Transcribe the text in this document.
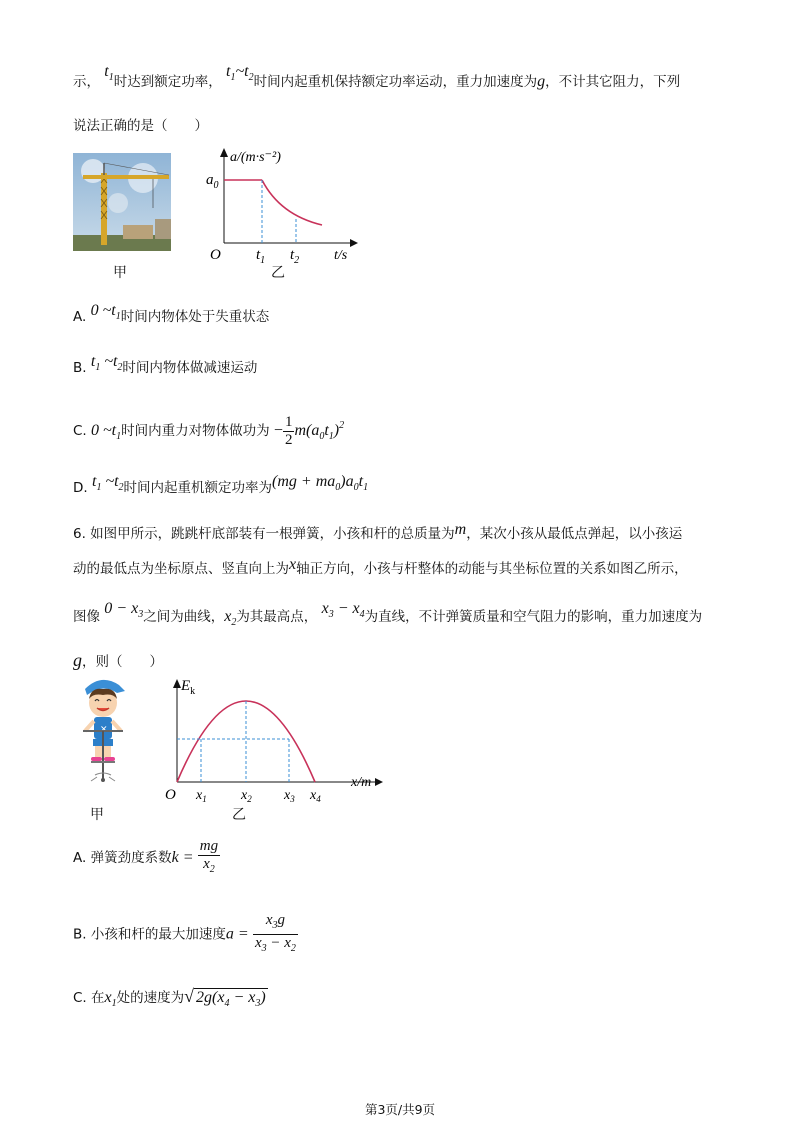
示， $t_1$时达到额定功率， $t_1\sim t_2$时间内起重机保持额定功率运动，重力加速度为g，不计其它阻力，下列
说法正确的是（　　）
甲
a/(m·s⁻²)
$a_0$
O $t_1$ $t_2$ t/s
乙
A. 0 $\sim t_1$时间内物体处于失重状态
B. $t_1$ $\sim t_2$时间内物体做减速运动
C. 0 $\sim t_1$时间内重力对物体做功为 − $\frac{1}{2} m(a_0t_1)^2$
D. $t_1$ $\sim t_2$时间内起重机额定功率为$(mg + ma_0)a_0t_1$
6. 如图甲所示，跳跳杆底部装有一根弹簧，小孩和杆的总质量为m，某次小孩从最低点弹起，以小孩运
动的最低点为坐标原点、竖直向上为x轴正方向，小孩与杆整体的动能与其坐标位置的关系如图乙所示，
图像 $0 - x_3$之间为曲线，$x_2$为其最高点， $x_3 - x_4$为直线，不计弹簧质量和空气阻力的影响，重力加速度为
g，则（　　）
✕
甲
$E_k$
O $x_1$ $x_2$ $x_3$ $x_4$
x/m
乙
A. 弹簧劲度系数$k = \frac{mg}{x_2}$
B. 小孩和杆的最大加速度$a = \frac{x_3g}{x_3 - x_2}$
C. 在$x_1$处的速度为√ $2g(x_4 - x_3)$
第3页/共9页
